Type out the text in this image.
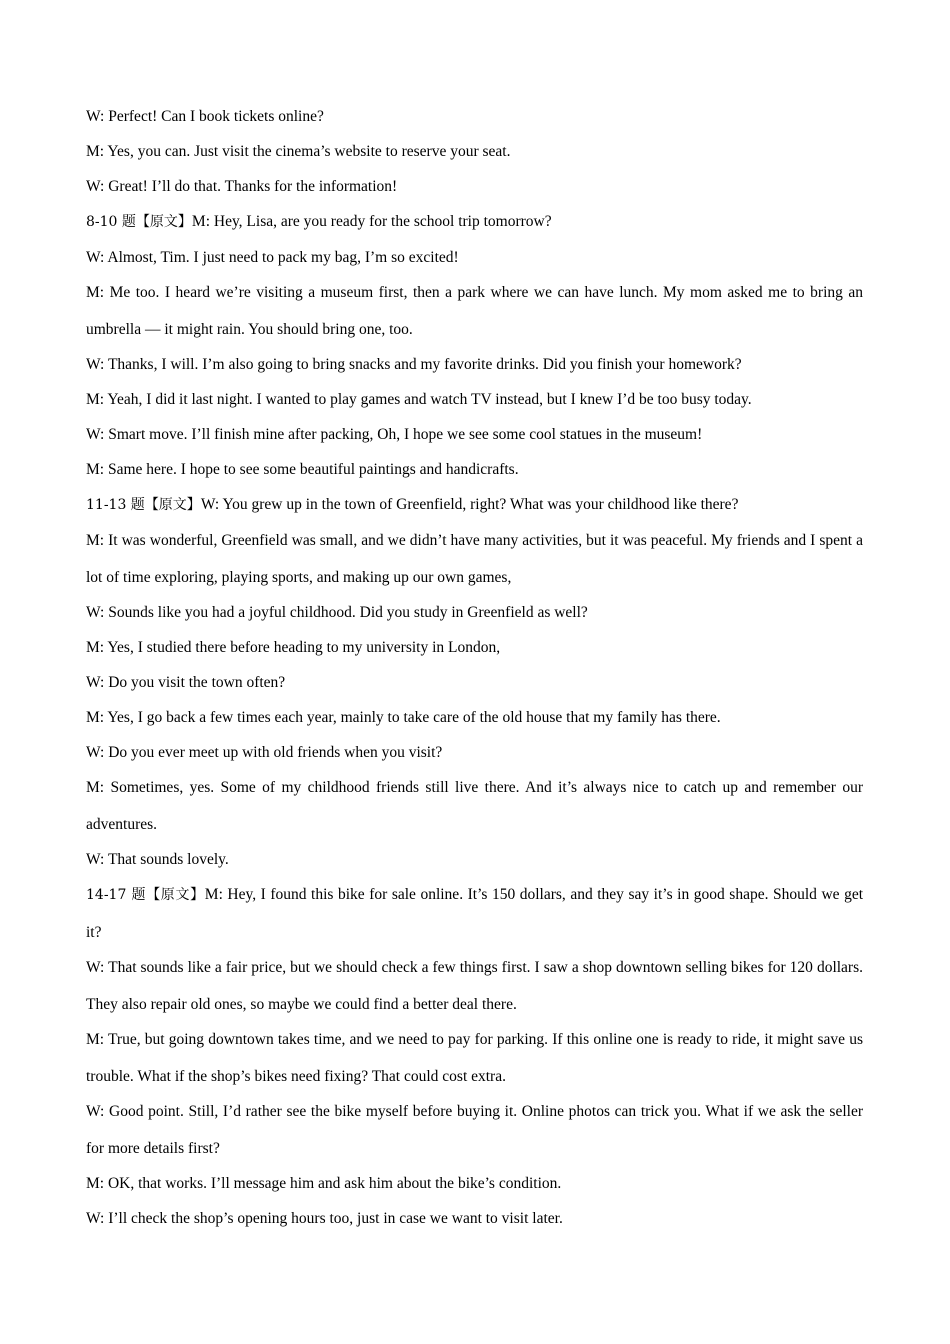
W: Perfect! Can I book tickets online?

M: Yes, you can. Just visit the cinema’s website to reserve your seat.

W: Great! I’ll do that. Thanks for the information!

8-10 题【原文】M: Hey, Lisa, are you ready for the school trip tomorrow?

W: Almost, Tim. I just need to pack my bag, I’m so excited!

M: Me too. I heard we’re visiting a museum first, then a park where we can have lunch. My mom asked me to bring an umbrella — it might rain. You should bring one, too.

W: Thanks, I will. I’m also going to bring snacks and my favorite drinks. Did you finish your homework?

M: Yeah, I did it last night. I wanted to play games and watch TV instead, but I knew I’d be too busy today.

W: Smart move. I’ll finish mine after packing, Oh, I hope we see some cool statues in the museum!

M: Same here. I hope to see some beautiful paintings and handicrafts.

11-13 题【原文】W: You grew up in the town of Greenfield, right? What was your childhood like there?

M: It was wonderful, Greenfield was small, and we didn’t have many activities, but it was peaceful. My friends and I spent a lot of time exploring, playing sports, and making up our own games,

W: Sounds like you had a joyful childhood. Did you study in Greenfield as well?

M: Yes, I studied there before heading to my university in London,

W: Do you visit the town often?

M: Yes, I go back a few times each year, mainly to take care of the old house that my family has there.

W: Do you ever meet up with old friends when you visit?

M: Sometimes, yes. Some of my childhood friends still live there. And it’s always nice to catch up and remember our adventures.

W: That sounds lovely.

14-17 题【原文】M: Hey, I found this bike for sale online. It’s 150 dollars, and they say it’s in good shape. Should we get it?

W: That sounds like a fair price, but we should check a few things first. I saw a shop downtown selling bikes for 120 dollars. They also repair old ones, so maybe we could find a better deal there.

M: True, but going downtown takes time, and we need to pay for parking. If this online one is ready to ride, it might save us trouble. What if the shop’s bikes need fixing? That could cost extra.

W: Good point. Still, I’d rather see the bike myself before buying it. Online photos can trick you. What if we ask the seller for more details first?

M: OK, that works. I’ll message him and ask him about the bike’s condition.

W: I’ll check the shop’s opening hours too, just in case we want to visit later.
